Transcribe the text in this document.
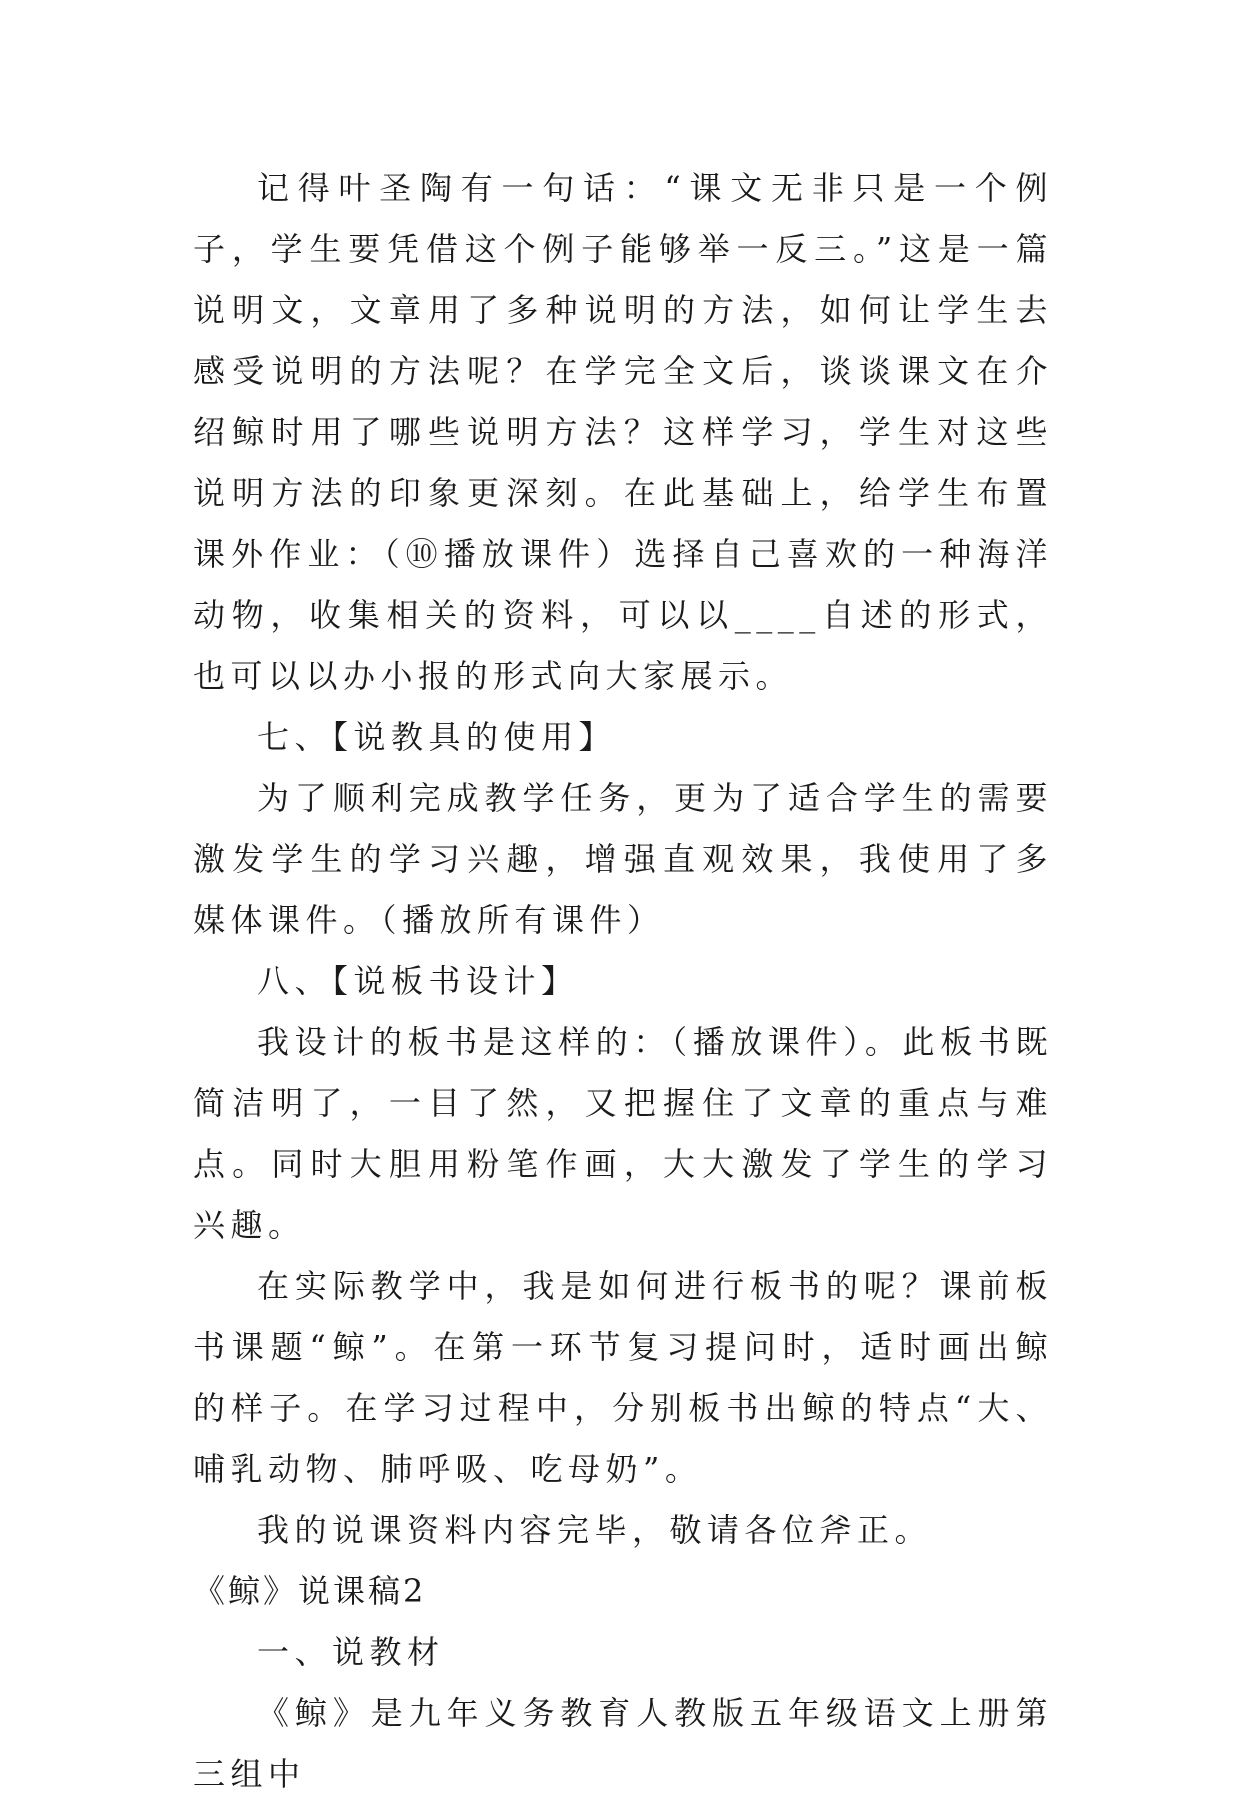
记得叶圣陶有一句话：“课文无非只是一个例子，学生要凭借这个例子能够举一反三。”这是一篇说明文，文章用了多种说明的方法，如何让学生去感受说明的方法呢？在学完全文后，谈谈课文在介绍鲸时用了哪些说明方法？这样学习，学生对这些说明方法的印象更深刻。在此基础上，给学生布置课外作业：（⑩播放课件）选择自己喜欢的一种海洋动物，收集相关的资料，可以以____自述的形式，也可以以办小报的形式向大家展示。

七、【说教具的使用】

为了顺利完成教学任务，更为了适合学生的需要激发学生的学习兴趣，增强直观效果，我使用了多媒体课件。（播放所有课件）

八、【说板书设计】

我设计的板书是这样的：（播放课件）。此板书既简洁明了，一目了然，又把握住了文章的重点与难点。同时大胆用粉笔作画，大大激发了学生的学习兴趣。

在实际教学中，我是如何进行板书的呢？课前板书课题“鲸”。在第一环节复习提问时，适时画出鲸的样子。在学习过程中，分别板书出鲸的特点“大、哺乳动物、肺呼吸、吃母奶”。

我的说课资料内容完毕，敬请各位斧正。

《鲸》说课稿2

一、说教材

《鲸》是九年义务教育人教版五年级语文上册第三组中
